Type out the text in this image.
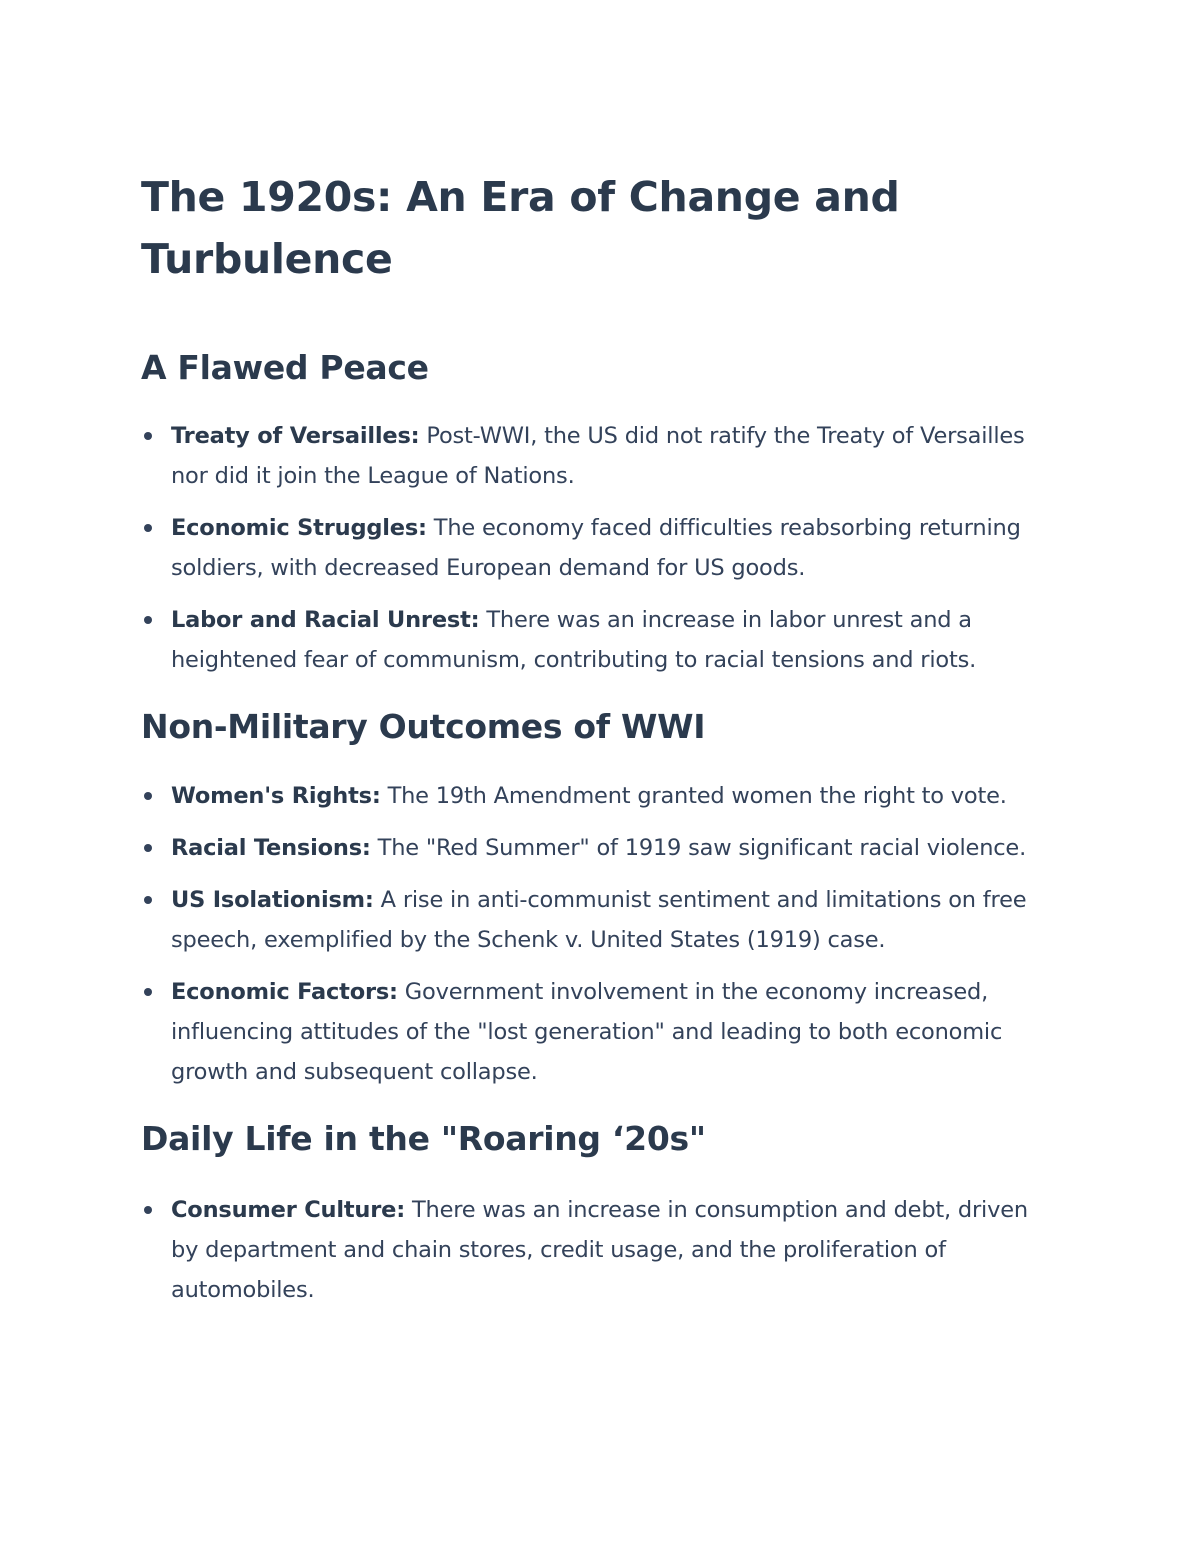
The 1920s: An Era of Change and Turbulence
A Flawed Peace
Treaty of Versailles: Post-WWI, the US did not ratify the Treaty of Versailles nor did it join the League of Nations.
Economic Struggles: The economy faced difficulties reabsorbing returning soldiers, with decreased European demand for US goods.
Labor and Racial Unrest: There was an increase in labor unrest and a heightened fear of communism, contributing to racial tensions and riots.
Non-Military Outcomes of WWI
Women's Rights: The 19th Amendment granted women the right to vote.
Racial Tensions: The "Red Summer" of 1919 saw significant racial violence.
US Isolationism: A rise in anti-communist sentiment and limitations on free speech, exemplified by the Schenk v. United States (1919) case.
Economic Factors: Government involvement in the economy increased, influencing attitudes of the "lost generation" and leading to both economic growth and subsequent collapse.
Daily Life in the "Roaring ‘20s"
Consumer Culture: There was an increase in consumption and debt, driven by department and chain stores, credit usage, and the proliferation of automobiles.
